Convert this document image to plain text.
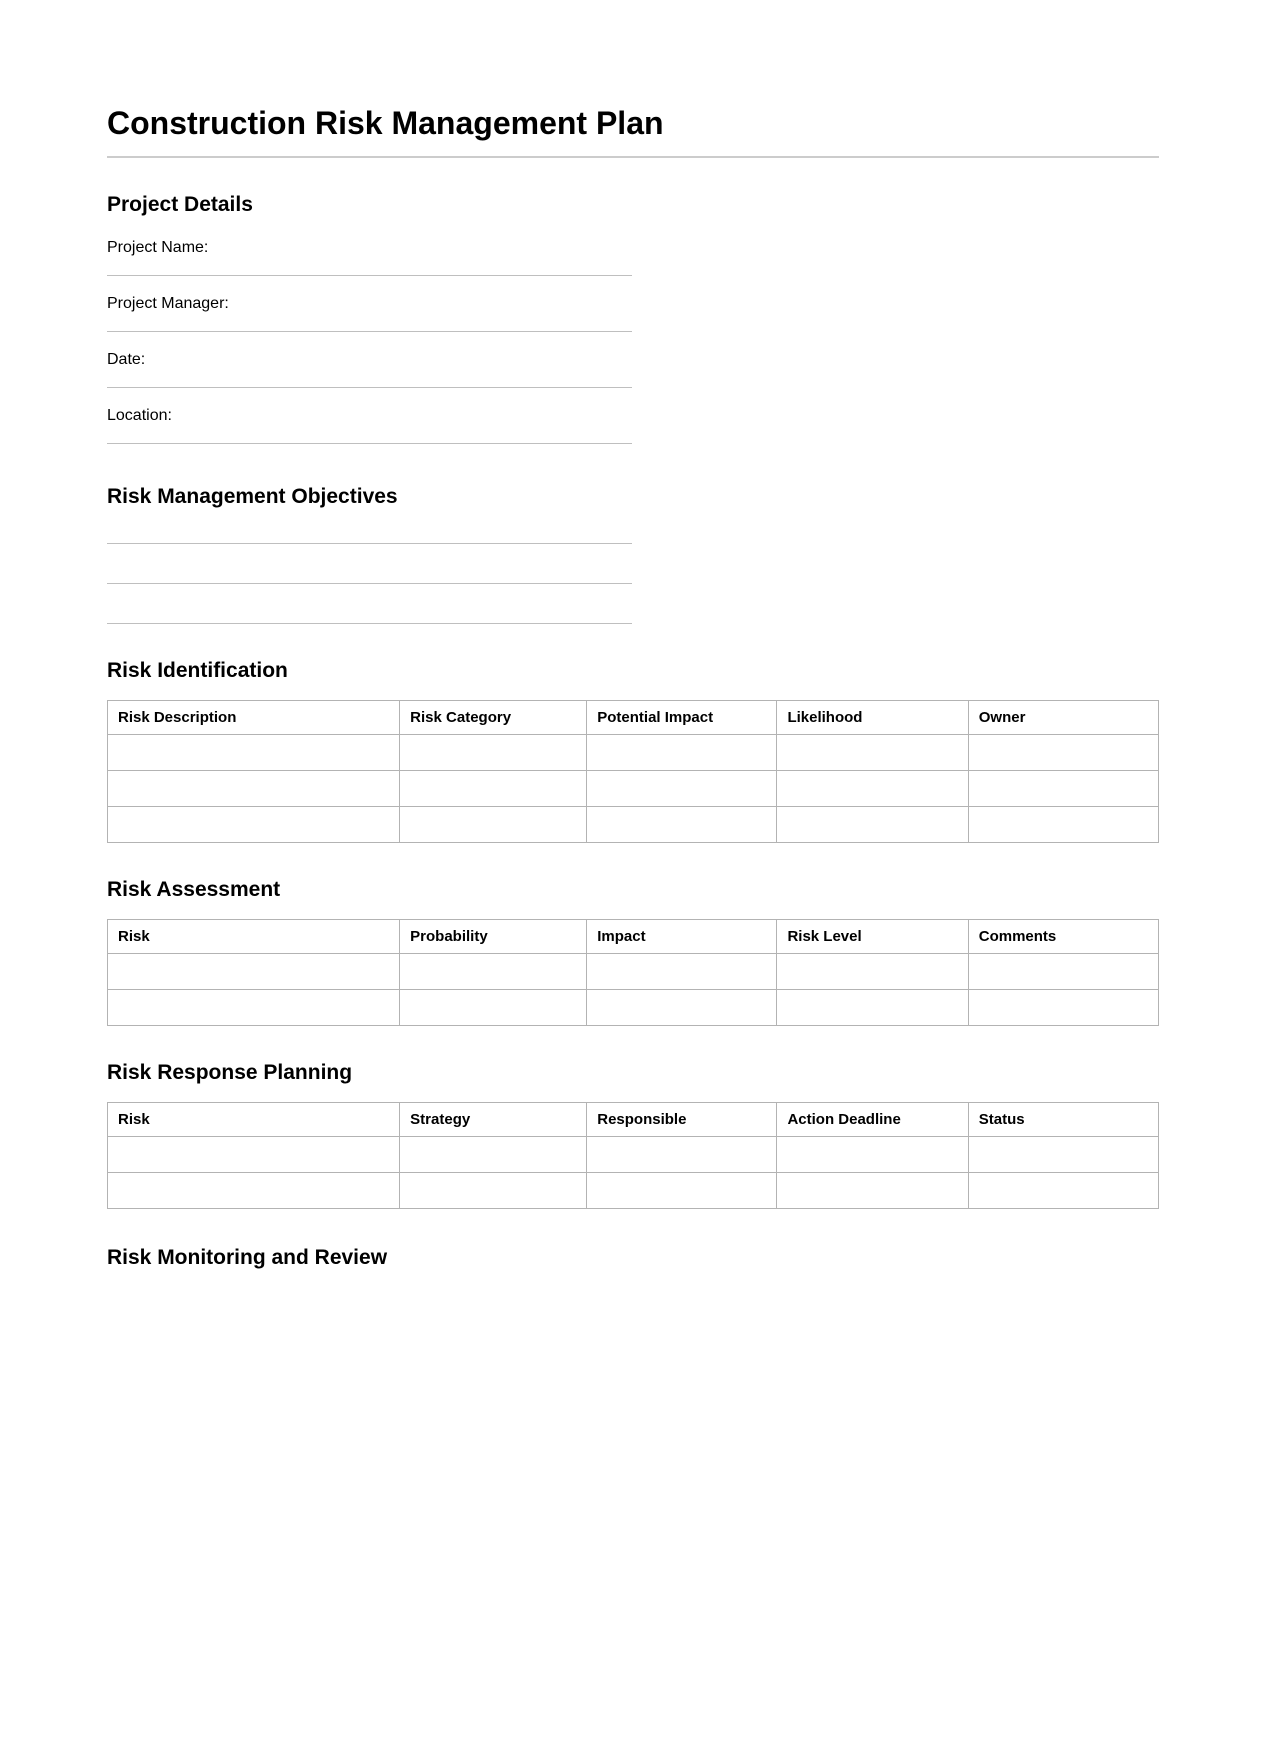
Construction Risk Management Plan
Project Details
Project Name:
Project Manager:
Date:
Location:
Risk Management Objectives
Risk Identification
Risk Description	Risk Category	Potential Impact	Likelihood	Owner

Risk Assessment
Risk	Probability	Impact	Risk Level	Comments

Risk Response Planning
Risk	Strategy	Responsible	Action Deadline	Status

Risk Monitoring and Review
